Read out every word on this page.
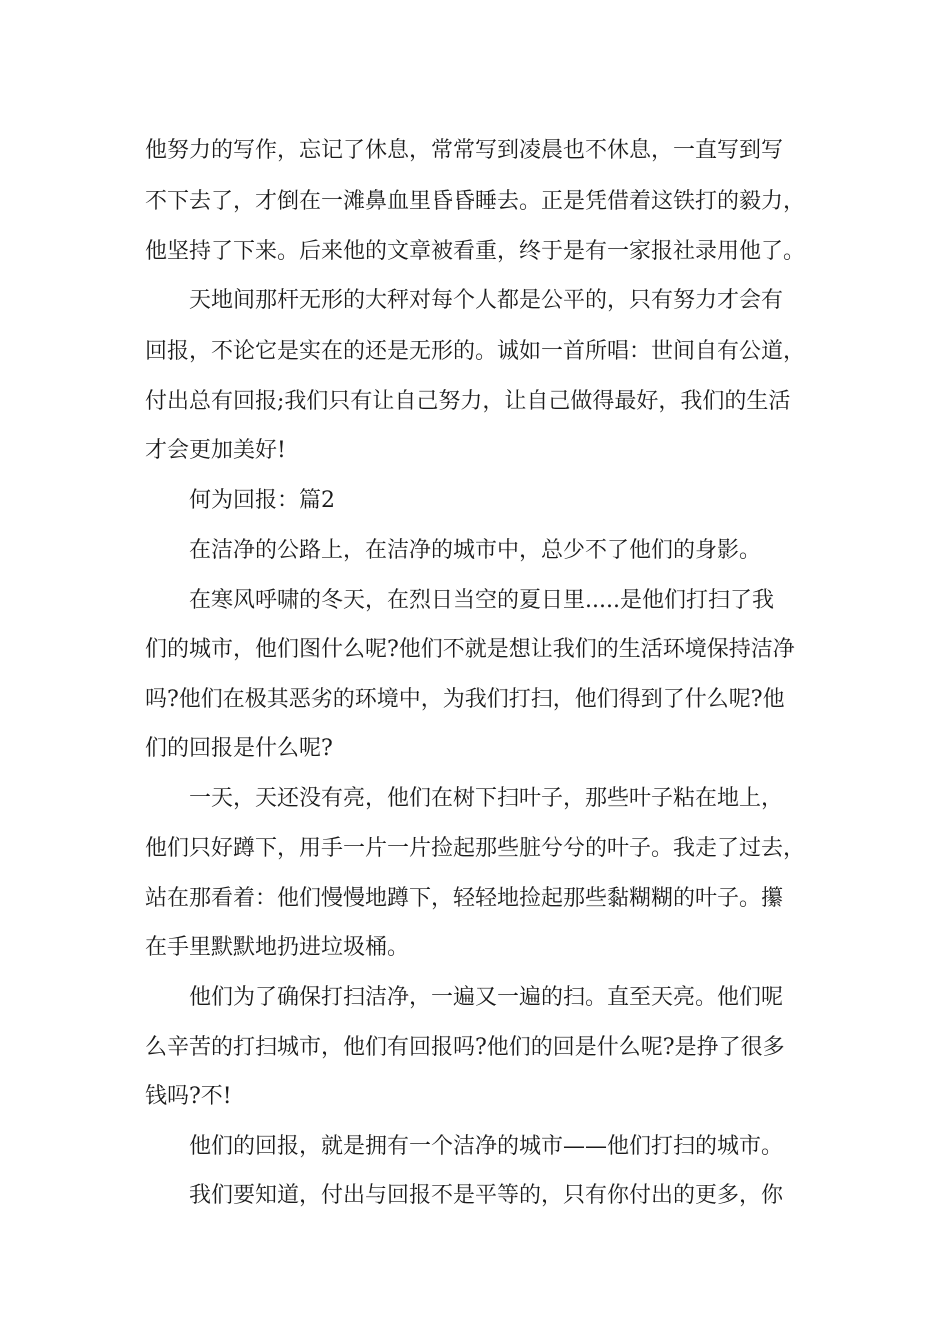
他努力的写作，忘记了休息，常常写到凌晨也不休息，一直写到写

不下去了，才倒在一滩鼻血里昏昏睡去。正是凭借着这铁打的毅力，

他坚持了下来。后来他的文章被看重，终于是有一家报社录用他了。

天地间那杆无形的大秤对每个人都是公平的，只有努力才会有

回报，不论它是实在的还是无形的。诚如一首所唱：世间自有公道，

付出总有回报;我们只有让自己努力，让自己做得最好，我们的生活

才会更加美好!

何为回报：篇2

在洁净的公路上，在洁净的城市中，总少不了他们的身影。

在寒风呼啸的冬天，在烈日当空的夏日里.....是他们打扫了我

们的城市，他们图什么呢?他们不就是想让我们的生活环境保持洁净

吗?他们在极其恶劣的环境中，为我们打扫，他们得到了什么呢?他

们的回报是什么呢?

一天，天还没有亮，他们在树下扫叶子，那些叶子粘在地上，

他们只好蹲下，用手一片一片捡起那些脏兮兮的叶子。我走了过去，

站在那看着：他们慢慢地蹲下，轻轻地捡起那些黏糊糊的叶子。攥

在手里默默地扔进垃圾桶。

他们为了确保打扫洁净，一遍又一遍的扫。直至天亮。他们呢

么辛苦的打扫城市，他们有回报吗?他们的回是什么呢?是挣了很多

钱吗?不!

他们的回报，就是拥有一个洁净的城市——他们打扫的城市。

我们要知道，付出与回报不是平等的，只有你付出的更多，你
